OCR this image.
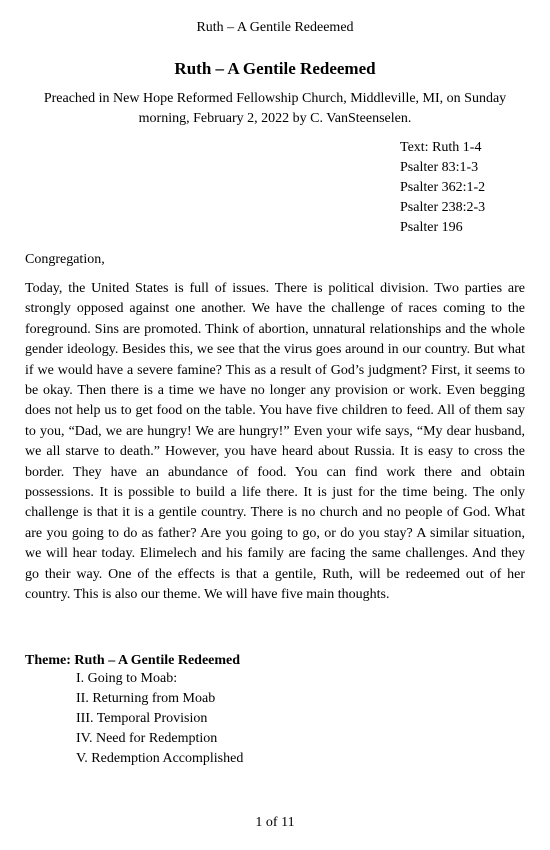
Ruth – A Gentile Redeemed
Ruth – A Gentile Redeemed
Preached in New Hope Reformed Fellowship Church, Middleville, MI, on Sunday morning, February 2, 2022 by C. VanSteenselen.
Text: Ruth 1-4
Psalter 83:1-3
Psalter 362:1-2
Psalter 238:2-3
Psalter 196
Congregation,

Today, the United States is full of issues. There is political division. Two parties are strongly opposed against one another. We have the challenge of races coming to the foreground. Sins are promoted. Think of abortion, unnatural relationships and the whole gender ideology. Besides this, we see that the virus goes around in our country. But what if we would have a severe famine? This as a result of God’s judgment? First, it seems to be okay. Then there is a time we have no longer any provision or work. Even begging does not help us to get food on the table. You have five children to feed. All of them say to you, “Dad, we are hungry! We are hungry!” Even your wife says, “My dear husband, we all starve to death.” However, you have heard about Russia. It is easy to cross the border. They have an abundance of food. You can find work there and obtain possessions. It is possible to build a life there. It is just for the time being. The only challenge is that it is a gentile country. There is no church and no people of God. What are you going to do as father? Are you going to go, or do you stay? A similar situation, we will hear today. Elimelech and his family are facing the same challenges. And they go their way. One of the effects is that a gentile, Ruth, will be redeemed out of her country. This is also our theme. We will have five main thoughts.

Theme: Ruth – A Gentile Redeemed
I. Going to Moab:
II. Returning from Moab
III. Temporal Provision
IV. Need for Redemption
V. Redemption Accomplished
1 of 11
